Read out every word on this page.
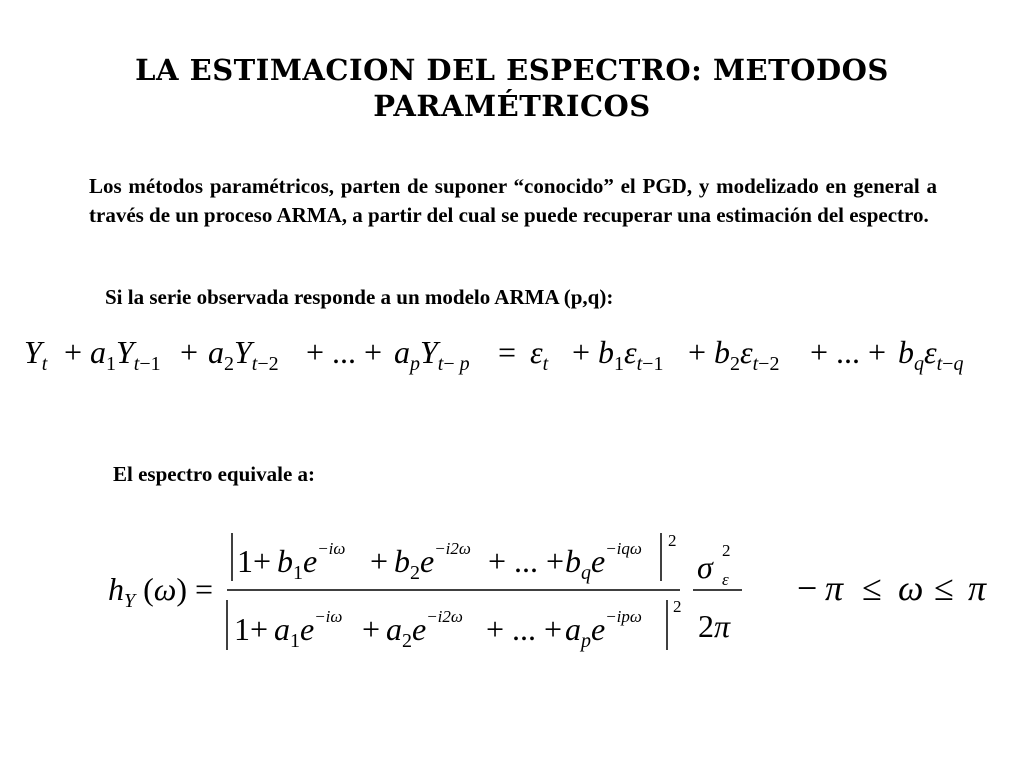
LA ESTIMACION DEL ESPECTRO: METODOS PARAMÉTRICOS
Los métodos paramétricos, parten de suponer “conocido” el PGD, y modelizado en general a través de un proceso ARMA, a partir del cual se puede recuperar una estimación del espectro.
Si la serie observada responde a un modelo ARMA (p,q):
El espectro equivale a:
$Y_t + a_1Y_t-1 + a_2Y_t-2$ + ... + $a_pY_t- p = \varepsilon_t + b_1\varepsilon_t-1 + b_2\varepsilon_t-2$ + ... + $b_q\varepsilon_t-q$
$h_Y$ (ω) =
$1 + b_1e^{-i\omega} + b_2e^{-i2\omega}$ + ... + $b_qe^{-iq\omega}$ 2
$1 + a_1e^{-i\omega} + a_2e^{-i2\omega}$ + ... + $a_pe^{-ip\omega}$
2
σ 2
ε
2π
− π ≤ ω ≤ π
